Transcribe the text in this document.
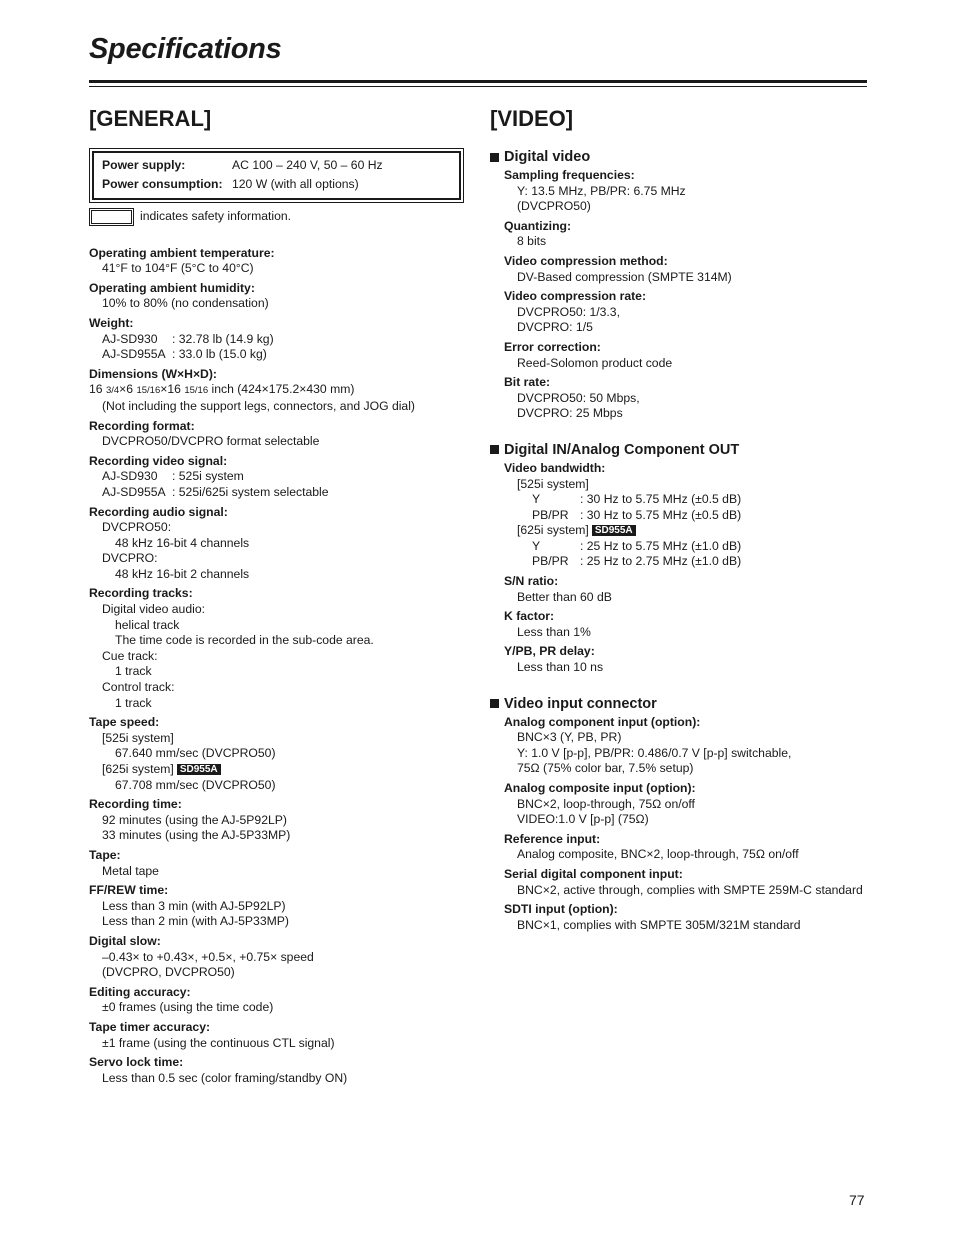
Specifications
[GENERAL]
Power supply:	AC 100 – 240 V, 50 – 60 Hz
Power consumption: 120 W (with all options)
indicates safety information.
Operating ambient temperature:
41°F to 104°F (5°C to 40°C)
Operating ambient humidity:
10% to 80% (no condensation)
Weight:
AJ-SD930	: 32.78 lb (14.9 kg)
AJ-SD955A : 33.0 lb (15.0 kg)
Dimensions (W×H×D):
16 3/4×6 15/16×16 15/16 inch (424×175.2×430 mm)
(Not including the support legs, connectors, and JOG dial)
Recording format:
DVCPRO50/DVCPRO format selectable
Recording video signal:
AJ-SD930	: 525i system
AJ-SD955A : 525i/625i system selectable
Recording audio signal:
DVCPRO50:
48 kHz 16-bit 4 channels
DVCPRO:
48 kHz 16-bit 2 channels
Recording tracks:
Digital video audio:
helical track
The time code is recorded in the sub-code area.
Cue track:
1 track
Control track:
1 track
Tape speed:
[525i system]
67.640 mm/sec (DVCPRO50)
[625i system] SD955A
67.708 mm/sec (DVCPRO50)
Recording time:
92 minutes (using the AJ-5P92LP)
33 minutes (using the AJ-5P33MP)
Tape:
Metal tape
FF/REW time:
Less than 3 min (with AJ-5P92LP)
Less than 2 min (with AJ-5P33MP)
Digital slow:
–0.43× to +0.43×, +0.5×, +0.75× speed
(DVCPRO, DVCPRO50)
Editing accuracy:
±0 frames (using the time code)
Tape timer accuracy:
±1 frame (using the continuous CTL signal)
Servo lock time:
Less than 0.5 sec (color framing/standby ON)
[VIDEO]
Digital video
Sampling frequencies:
Y: 13.5 MHz, PB/PR: 6.75 MHz
(DVCPRO50)
Quantizing:
8 bits
Video compression method:
DV-Based compression (SMPTE 314M)
Video compression rate:
DVCPRO50: 1/3.3,
DVCPRO: 1/5
Error correction:
Reed-Solomon product code
Bit rate:
DVCPRO50: 50 Mbps,
DVCPRO: 25 Mbps
Digital IN/Analog Component OUT
Video bandwidth:
[525i system]
Y	: 30 Hz to 5.75 MHz (±0.5 dB)
PB/PR : 30 Hz to 5.75 MHz (±0.5 dB)
[625i system] SD955A
Y	: 25 Hz to 5.75 MHz (±1.0 dB)
PB/PR : 25 Hz to 2.75 MHz (±1.0 dB)
S/N ratio:
Better than 60 dB
K factor:
Less than 1%
Y/PB, PR delay:
Less than 10 ns
Video input connector
Analog component input (option):
BNC×3 (Y, PB, PR)
Y: 1.0 V [p-p], PB/PR: 0.486/0.7 V [p-p] switchable,
75Ω (75% color bar, 7.5% setup)
Analog composite input (option):
BNC×2, loop-through, 75Ω on/off
VIDEO:1.0 V [p-p] (75Ω)
Reference input:
Analog composite, BNC×2, loop-through, 75Ω on/off
Serial digital component input:
BNC×2, active through, complies with SMPTE 259M-C standard
SDTI input (option):
BNC×1, complies with SMPTE 305M/321M standard
77
